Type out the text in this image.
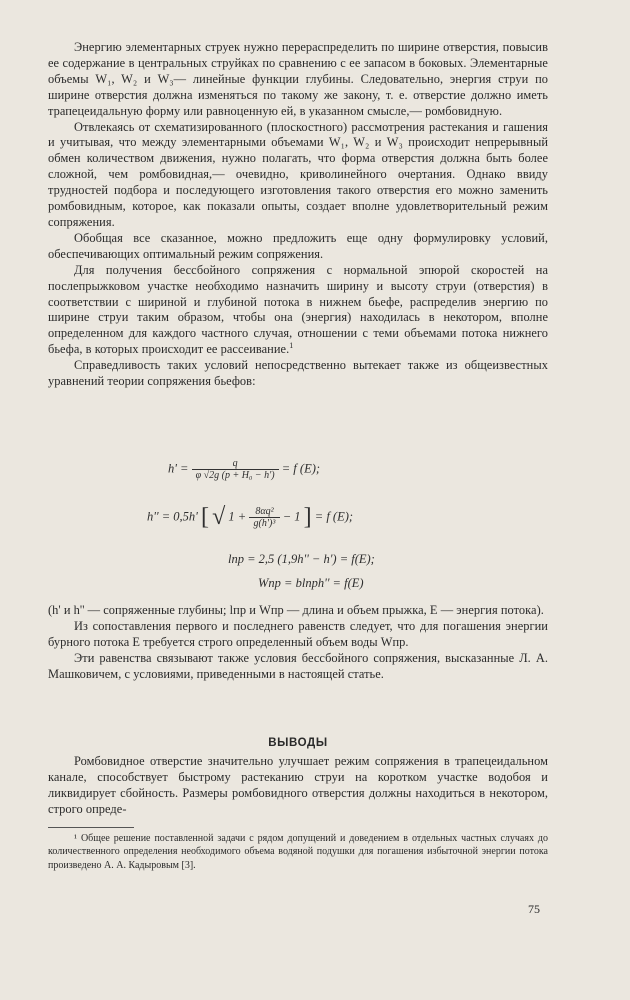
Энергию элементарных струек нужно перераспределить по ширине отверстия, повысив ее содержание в центральных струйках по сравнению с ее запасом в боковых. Элементарные объемы W₁, W₂ и W₃— линейные функции глубины. Следовательно, энергия струи по ширине отверстия должна изменяться по такому же закону, т. е. отверстие должно иметь трапецеидальную форму или равноценную ей, в указанном смысле,— ромбовидную.

Отвлекаясь от схематизированного (плоскостного) рассмотрения растекания и гашения и учитывая, что между элементарными объемами W₁, W₂ и W₃ происходит непрерывный обмен количеством движения, нужно полагать, что форма отверстия должна быть более сложной, чем ромбовидная,— очевидно, криволинейного очертания. Однако ввиду трудностей подбора и последующего изготовления такого отверстия его можно заменить ромбовидным, которое, как показали опыты, создает вполне удовлетворительный режим сопряжения.

Обобщая все сказанное, можно предложить еще одну формулировку условий, обеспечивающих оптимальный режим сопряжения.

Для получения бессбойного сопряжения с нормальной эпюрой скоростей на послепрыжковом участке необходимо назначить ширину и высоту струи (отверстия) в соответствии с шириной и глубиной потока в нижнем бьефе, распределив энергию по ширине струи таким образом, чтобы она (энергия) находилась в некотором, вполне определенном для каждого частного случая, отношении с теми объемами потока нижнего бьефа, в которых происходит ее рассеивание.$^1$

Справедливость таких условий непосредственно вытекает также из общеизвестных уравнений теории сопряжения бьефов:

$h' = \frac{q}{\text{φ √2g (p + H₀ − h')}} = f$ (E);
h'' = 0,5h' [ √ $1 + \frac{\text{8αq²}}{\text{g(h')³}} - 1$ ] = f (E);
lпр = 2,5 (1,9h'' − h') = f(E);
Wпр = blпрh'' = f(E)

(h' и h'' — сопряженные глубины; lпр и Wпр — длина и объем прыжка, E — энергия потока).

Из сопоставления первого и последнего равенств следует, что для погашения энергии бурного потока E требуется строго определенный объем воды Wпр.

Эти равенства связывают также условия бессбойного сопряжения, высказанные Л. А. Машковичем, с условиями, приведенными в настоящей статье.

ВЫВОДЫ

Ромбовидное отверстие значительно улучшает режим сопряжения в трапецеидальном канале, способствует быстрому растеканию струи на коротком участке водобоя и ликвидирует сбойность. Размеры ромбовидного отверстия должны находиться в некотором, строго опреде-

¹ Общее решение поставленной задачи с рядом допущений и доведением в отдельных частных случаях до количественного определения необходимого объема водяной подушки для погашения избыточной энергии потока произведено А. А. Кадыровым [3].
75
